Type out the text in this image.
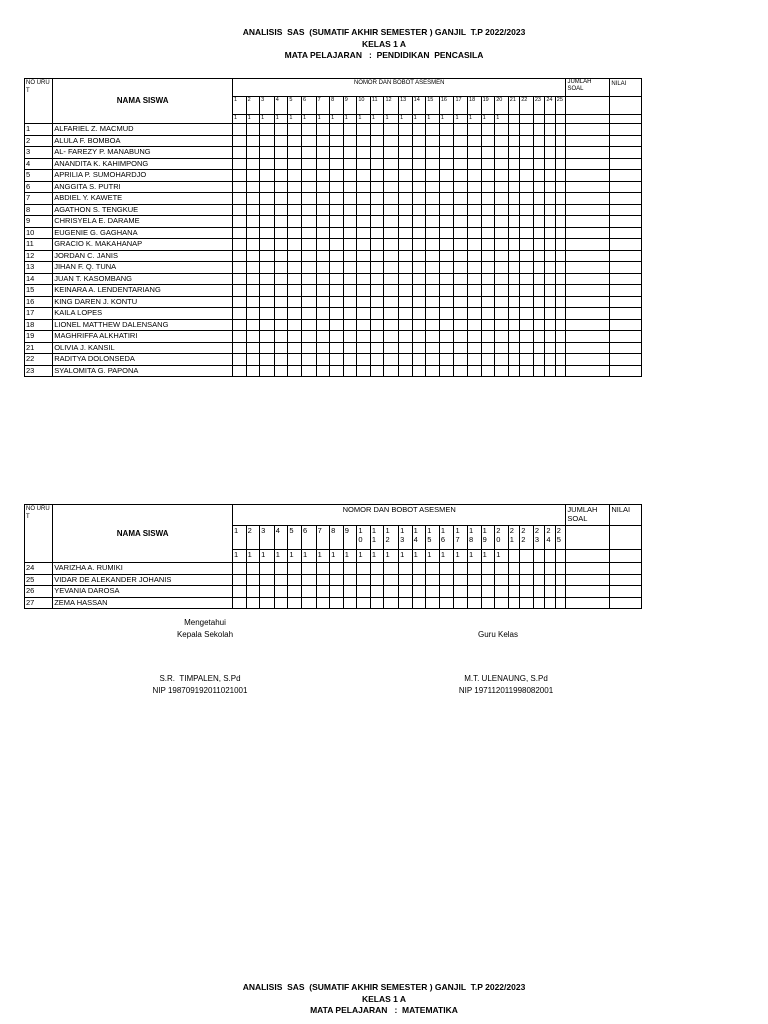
ANALISIS  SAS  (SUMATIF AKHIR SEMESTER ) GANJIL  T.P 2022/2023
KELAS 1 A
MATA PELAJARAN   :  PENDIDIKAN  PENCASILA
NO URU T	NAMA SISWA	NOMOR DAN BOBOT ASESMEN																									JUMLAH SOAL	NILAI

		1	2	3	4	5	6	7	8	9	10	11	12	13	14	15	16	17	18	19	20	21	22	23	24	25		

		1	1	1	1	1	1	1	1	1	1	1	1	1	1	1	1	1	1	1	1							
1	ALFARIEL Z. MACMUD																											
2	ALULA F. BOMBOA																											
3	AL- FAREZY P. MANABUNG																											
4	ANANDITA K. KAHIMPONG																											
5	APRILIA P. SUMOHARDJO																											
6	ANGGITA S. PUTRI																											
7	ABDIEL Y. KAWETE																											
8	AGATHON S. TENGKUE																											
9	CHRISYELA E. DARAME																											
10	EUGENIE G. GAGHANA																											
11	GRACIO K. MAKAHANAP																											
12	JORDAN C. JANIS																											
13	JIHAN F. Q. TUNA																											
14	JUAN T. KASOMBANG																											
15	KEINARA A. LENDENTARIANG																											
16	KING DAREN J. KONTU																											
17	KAILA LOPES																											
18	LIONEL MATTHEW DALENSANG																											
19	MAGHRIFFA ALKHATIRI																											
21	OLIVIA J. KANSIL																											
22	RADITYA DOLONSEDA																											
23	SYALOMITA G. PAPONA																											
NO URU T	NAMA SISWA	NOMOR DAN BOBOT ASESMEN																									JUMLAH SOAL	NILAI

		1	2	3	4	5	6	7	8	9	10	11	12	13	14	15	16	17	18	19	20	21	22	23	24	25		

		1	1	1	1	1	1	1	1	1	1	1	1	1	1	1	1	1	1	1	1							
24	VARIZHA A. RUMIKI																											
25	VIDAR DE ALEKANDER JOHANIS																											
26	YEVANIA DAROSA																											
27	ZEMA HASSAN																											
Mengetahui
Kepala Sekolah	Guru Kelas
S.R.  TIMPALEN, S.Pd
NIP 198709192011021001
M.T. ULENAUNG, S.Pd
NIP 197112011998082001
ANALISIS  SAS  (SUMATIF AKHIR SEMESTER ) GANJIL  T.P 2022/2023
KELAS 1 A
MATA PELAJARAN   :  MATEMATIKA
